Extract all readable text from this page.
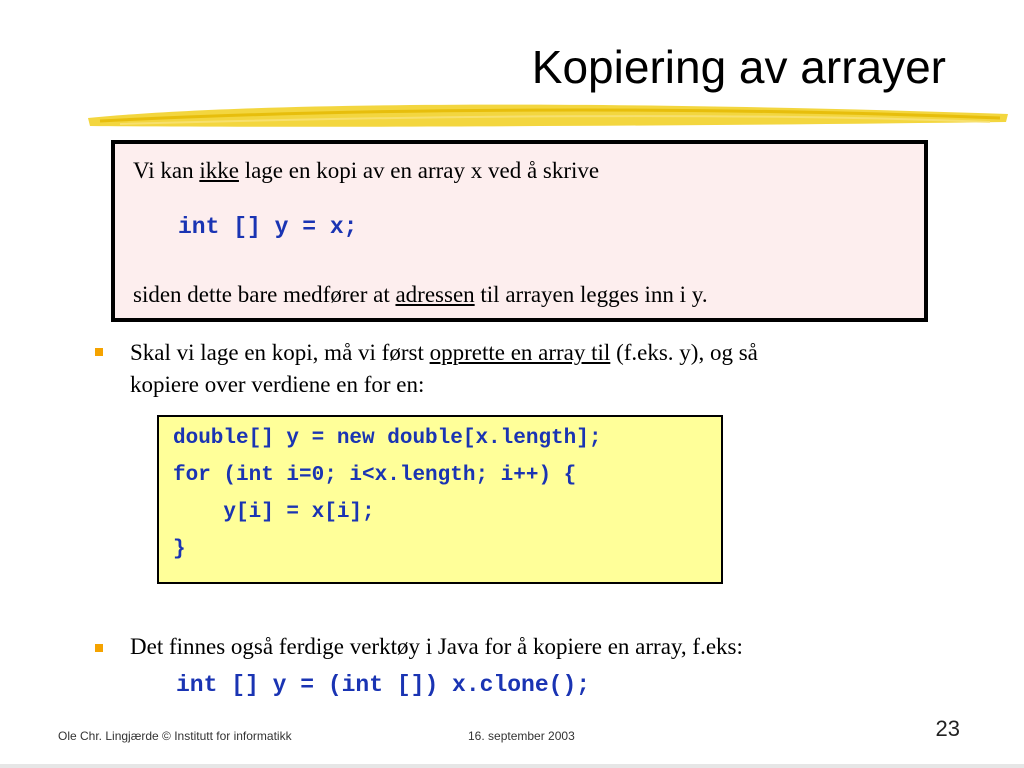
Kopiering av arrayer
Vi kan ikke lage en kopi av en array x ved å skrive
int [] y = x;
siden dette bare medfører at adressen til arrayen legges inn i y.
Skal vi lage en kopi, må vi først opprette en array til (f.eks. y), og så
kopiere over verdiene en for en:
double[] y = new double[x.length];
for (int i=0; i<x.length; i++) {
y[i] = x[i];
}
Det finnes også ferdige verktøy i Java for å kopiere en array, f.eks:
int [] y = (int []) x.clone();
Ole Chr. Lingjærde © Institutt for informatikk	16. september 2003	23
